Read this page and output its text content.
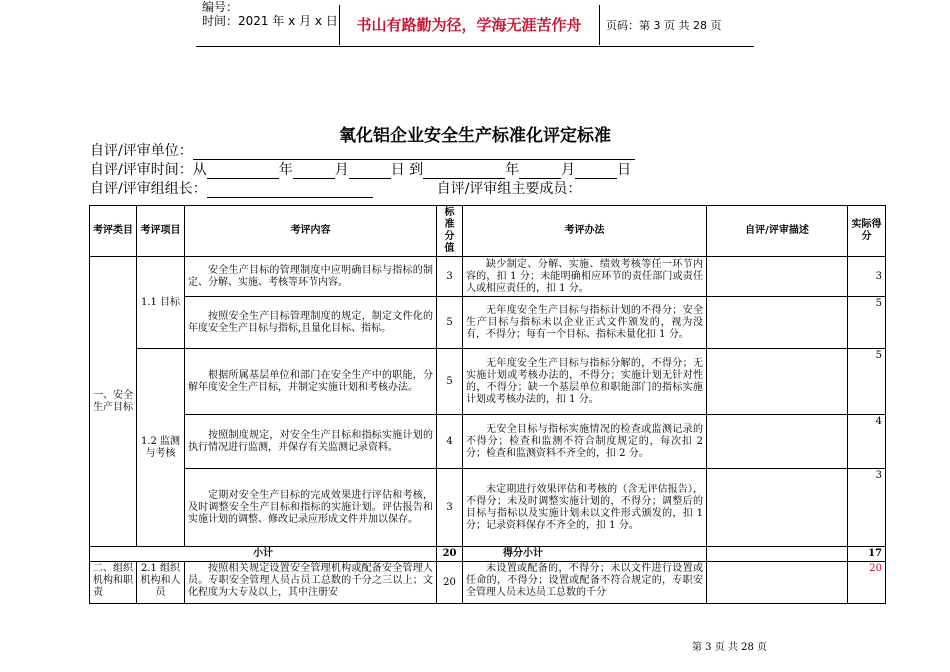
编号：
时间：2021 年 x 月 x 日	书山有路勤为径，学海无涯苦作舟	页码：第 3 页 共 28 页
氧化铝企业安全生产标准化评定标准
自评/评审单位：
自评/评审时间：从	年	月	日 到	年	月	日
自评/评审组组长：	自评/评审组主要成员：
考评类目	考评项目	考评内容	标准分值	考评办法	自评/评审描述	实际得分
一、安全生产目标	1.1 目标	安全生产目标的管理制度中应明确目标与指标的制定、分解、实施、考核等环节内容。	3	缺少制定、分解、实施、绩效考核等任一环节内容的，扣 1 分；未能明确相应环节的责任部门或责任人或相应责任的，扣 1 分。		3
		按照安全生产目标管理制度的规定，制定文件化的年度安全生产目标与指标,且量化目标、指标。	5	无年度安全生产目标与指标计划的不得分；安全生产目标与指标未以企业正式文件颁发的，视为没有，不得分；每有一个目标、指标未量化扣 1 分。		5
	1.2 监测与考核	根据所属基层单位和部门在安全生产中的职能，分解年度安全生产目标，并制定实施计划和考核办法。	5	无年度安全生产目标与指标分解的，不得分；无实施计划或考核办法的，不得分；实施计划无针对性的，不得分；缺一个基层单位和职能部门的指标实施计划或考核办法的，扣 1 分。		5
		按照制度规定，对安全生产目标和指标实施计划的执行情况进行监测，并保存有关监测记录资料。	4	无安全目标与指标实施情况的检查或监测记录的不得分；检查和监测不符合制度规定的，每次扣 2 分；检查和监测资料不齐全的，扣 2 分。		4
		定期对安全生产目标的完成效果进行评估和考核，及时调整安全生产目标和指标的实施计划。评估报告和实施计划的调整、修改记录应形成文件并加以保存。	3	未定期进行效果评估和考核的（含无评估报告），不得分；未及时调整实施计划的，不得分；调整后的目标与指标以及实施计划未以文件形式颁发的，扣 1 分；记录资料保存不齐全的，扣 1 分。		3
小计			20	得分小计		17
二、组织机构和职责	2.1 组织机构和人员	按照相关规定设置安全管理机构或配备安全管理人员。专职安全管理人员占员工总数的千分之三以上；文化程度为大专及以上，其中注册安	20	未设置或配备的，不得分；未以文件进行设置或任命的，不得分；设置或配备不符合规定的，专职安全管理人员未达员工总数的千分		20
第 3 页 共 28 页
